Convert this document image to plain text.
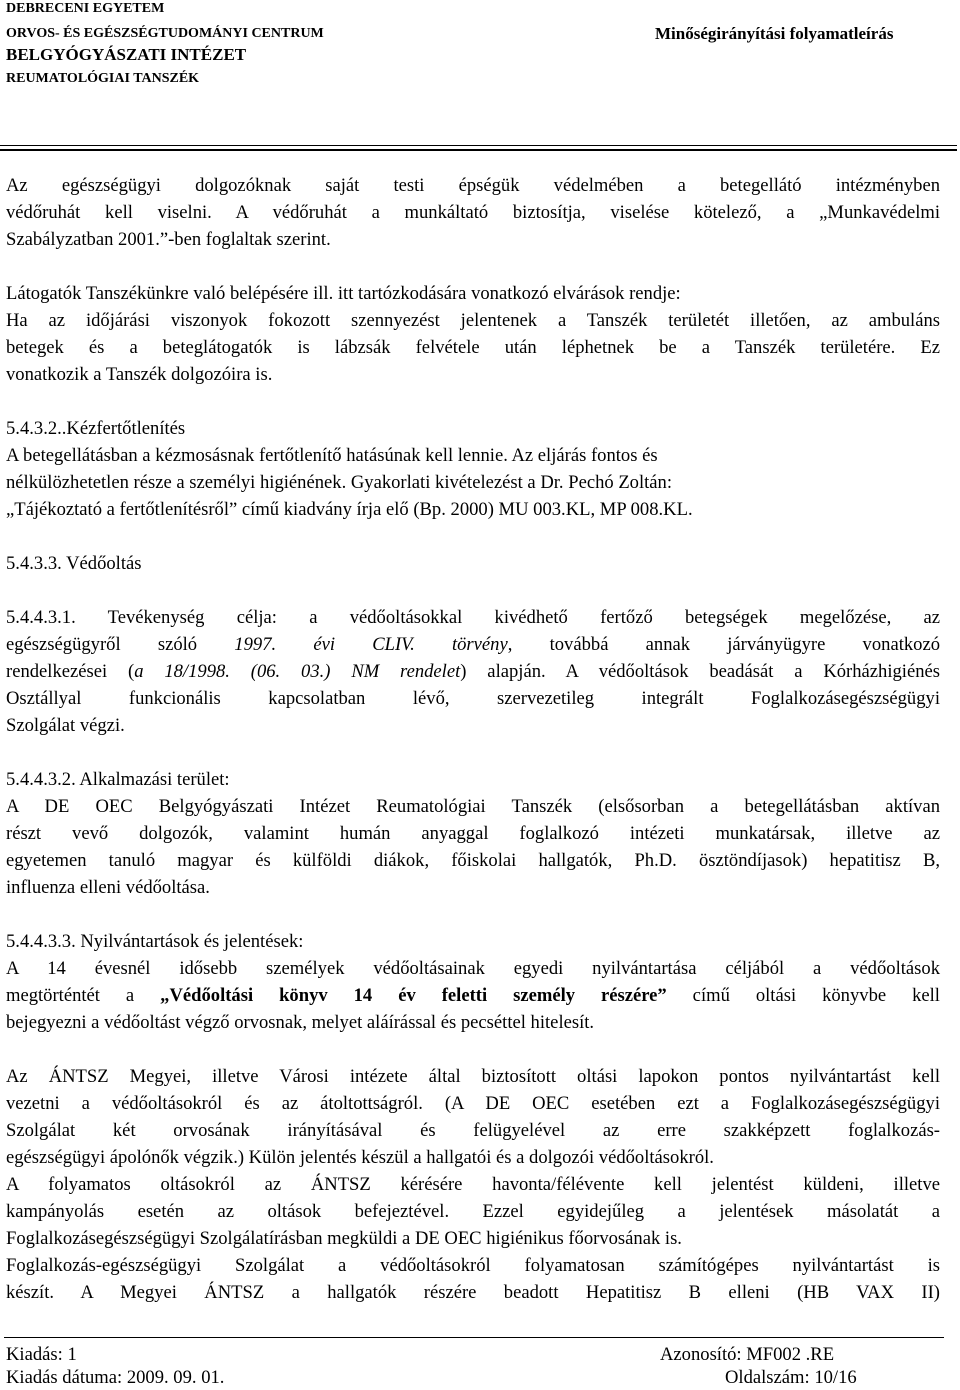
DEBRECENI EGYETEM
ORVOS- ÉS EGÉSZSÉGTUDOMÁNYI CENTRUM
BELGYÓGYÁSZATI INTÉZET
REUMATOLÓGIAI TANSZÉK
Minőségirányítási folyamatleírás
Az egészségügyi dolgozóknak saját testi épségük védelmében a betegellátó intézményben
védőruhát kell viselni. A védőruhát a munkáltató biztosítja, viselése kötelező, a „Munkavédelmi
Szabályzatban 2001.”-ben foglaltak szerint.
Látogatók Tanszékünkre való belépésére ill. itt tartózkodására vonatkozó elvárások rendje:
Ha az időjárási viszonyok fokozott szennyezést jelentenek a Tanszék területét illetően, az ambuláns
betegek és a beteglátogatók is lábzsák felvétele után léphetnek be a Tanszék területére. Ez
vonatkozik a Tanszék dolgozóira is.
5.4.3.2..Kézfertőtlenítés
A betegellátásban a kézmosásnak fertőtlenítő hatásúnak kell lennie. Az eljárás fontos és
nélkülözhetetlen része a személyi higiénének. Gyakorlati kivételezést a Dr. Pechó Zoltán:
„Tájékoztató a fertőtlenítésről” című kiadvány írja elő (Bp. 2000) MU 003.KL, MP 008.KL.
5.4.3.3. Védőoltás
5.4.4.3.1. Tevékenység célja: a védőoltásokkal kivédhető fertőző betegségek megelőzése, az
egészségügyről szóló 1997. évi CLIV. törvény, továbbá annak járványügyre vonatkozó
rendelkezései (a 18/1998. (06. 03.) NM rendelet) alapján. A védőoltások beadását a Kórházhigiénés
Osztállyal funkcionális kapcsolatban lévő, szervezetileg integrált Foglalkozásegészségügyi
Szolgálat végzi.
5.4.4.3.2. Alkalmazási terület:
A DE OEC Belgyógyászati Intézet Reumatológiai Tanszék (elsősorban a betegellátásban aktívan
részt vevő dolgozók, valamint humán anyaggal foglalkozó intézeti munkatársak, illetve az
egyetemen tanuló magyar és külföldi diákok, főiskolai hallgatók, Ph.D. ösztöndíjasok) hepatitisz B,
influenza elleni védőoltása.
5.4.4.3.3. Nyilvántartások és jelentések:
A 14 évesnél idősebb személyek védőoltásainak egyedi nyilvántartása céljából a védőoltások
megtörténtét a „Védőoltási könyv 14 év feletti személy részére” című oltási könyvbe kell
bejegyezni a védőoltást végző orvosnak, melyet aláírással és pecséttel hitelesít.
Az ÁNTSZ Megyei, illetve Városi intézete által biztosított oltási lapokon pontos nyilvántartást kell
vezetni a védőoltásokról és az átoltottságról. (A DE OEC esetében ezt a Foglalkozásegészségügyi
Szolgálat két orvosának irányításával és felügyelével az erre szakképzett foglalkozás-
egészségügyi ápolónők végzik.) Külön jelentés készül a hallgatói és a dolgozói védőoltásokról.
A folyamatos oltásokról az ÁNTSZ kérésére havonta/félévente kell jelentést küldeni, illetve
kampányolás esetén az oltások befejeztével. Ezzel egyidejűleg a jelentések másolatát a
Foglalkozásegészségügyi Szolgálatírásban megküldi a DE OEC higiénikus főorvosának is.
Foglalkozás-egészségügyi Szolgálat a védőoltásokról folyamatosan számítógépes nyilvántartást is
készít. A Megyei ÁNTSZ a hallgatók részére beadott Hepatitisz B elleni (HB VAX II)
Kiadás: 1
Kiadás dátuma: 2009. 09. 01.
Azonosító: MF002 .RE
Oldalszám: 10/16
